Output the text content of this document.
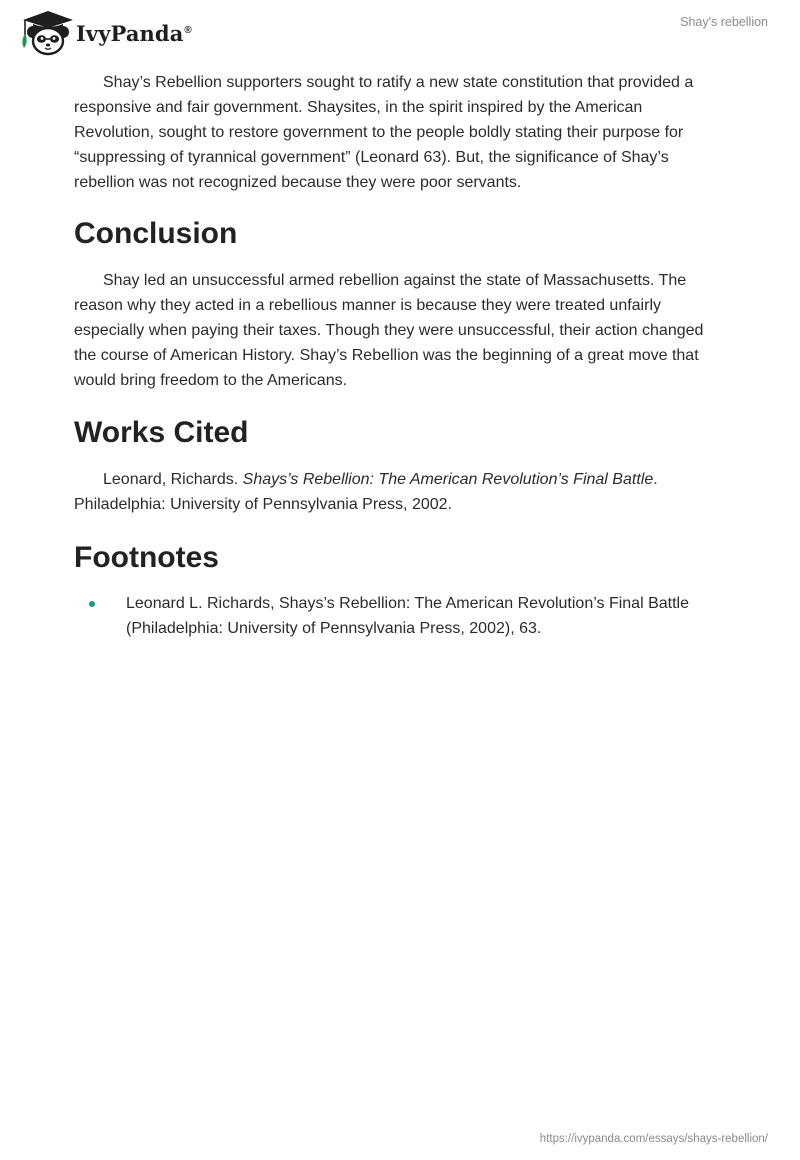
IvyPanda®
Shay's rebellion

Shay’s Rebellion supporters sought to ratify a new state constitution that provided a responsive and fair government. Shaysites, in the spirit inspired by the American Revolution, sought to restore government to the people boldly stating their purpose for “suppressing of tyrannical government” (Leonard 63). But, the significance of Shay’s rebellion was not recognized because they were poor servants.

Conclusion

Shay led an unsuccessful armed rebellion against the state of Massachusetts. The reason why they acted in a rebellious manner is because they were treated unfairly especially when paying their taxes. Though they were unsuccessful, their action changed the course of American History. Shay’s Rebellion was the beginning of a great move that would bring freedom to the Americans.

Works Cited

Leonard, Richards. Shays’s Rebellion: The American Revolution’s Final Battle. Philadelphia: University of Pennsylvania Press, 2002.

Footnotes
Leonard L. Richards, Shays’s Rebellion: The American Revolution’s Final Battle (Philadelphia: University of Pennsylvania Press, 2002), 63.
https://ivypanda.com/essays/shays-rebellion/
